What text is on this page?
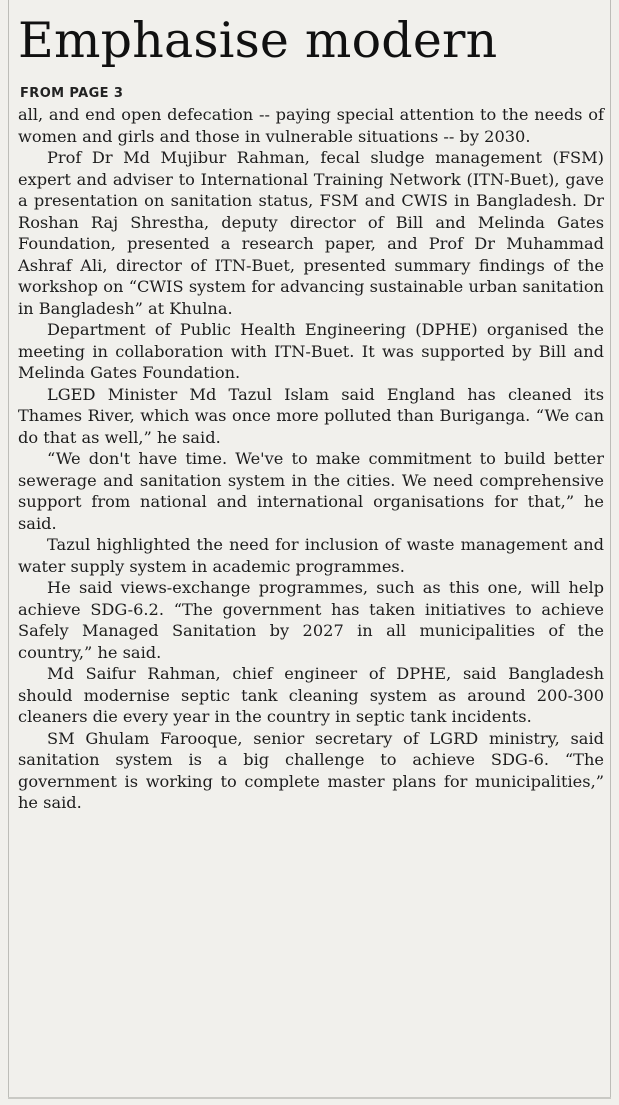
Emphasise modern
FROM PAGE 3

all, and end open defecation -- paying special attention to the needs of women and girls and those in vulnerable situations -- by 2030.

Prof Dr Md Mujibur Rahman, fecal sludge management (FSM) expert and adviser to International Training Network (ITN-Buet), gave a presentation on sanitation status, FSM and CWIS in Bangladesh. Dr Roshan Raj Shrestha, deputy director of Bill and Melinda Gates Foundation, presented a research paper, and Prof Dr Muhammad Ashraf Ali, director of ITN-Buet, presented summary findings of the workshop on “CWIS system for advancing sustainable urban sanitation in Bangladesh” at Khulna.

Department of Public Health Engineering (DPHE) organised the meeting in collaboration with ITN-Buet. It was supported by Bill and Melinda Gates Foundation.

LGED Minister Md Tazul Islam said England has cleaned its Thames River, which was once more polluted than Buriganga. “We can do that as well,” he said.

“We don't have time. We've to make commitment to build better sewerage and sanitation system in the cities. We need comprehensive support from national and international organisations for that,” he said.

Tazul highlighted the need for inclusion of waste management and water supply system in academic programmes.

He said views-exchange programmes, such as this one, will help achieve SDG-6.2. “The government has taken initiatives to achieve Safely Managed Sanitation by 2027 in all municipalities of the country,” he said.

Md Saifur Rahman, chief engineer of DPHE, said Bangladesh should modernise septic tank cleaning system as around 200-300 cleaners die every year in the country in septic tank incidents.

SM Ghulam Farooque, senior secretary of LGRD ministry, said sanitation system is a big challenge to achieve SDG-6. “The government is working to complete master plans for municipalities,” he said.
